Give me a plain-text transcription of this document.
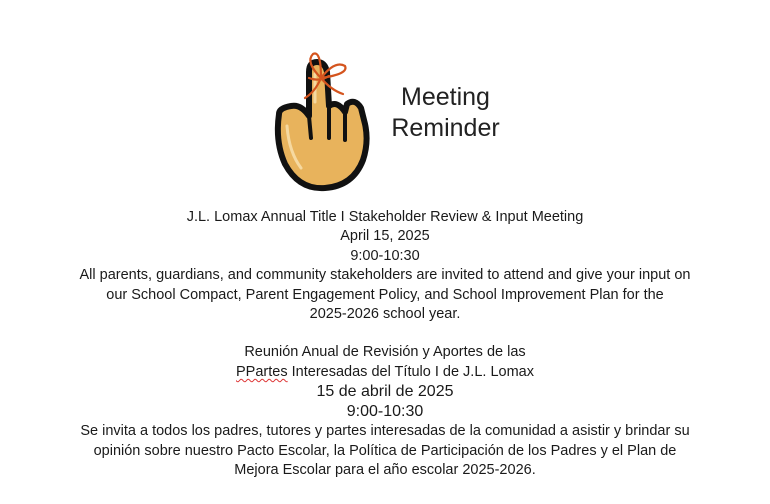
Meeting
Reminder
J.L. Lomax Annual Title I Stakeholder Review & Input Meeting
April 15, 2025
9:00-10:30
All parents, guardians, and community stakeholders are invited to attend and give your input on
our School Compact, Parent Engagement Policy, and School Improvement Plan for the
2025-2026 school year.
Reunión Anual de Revisión y Aportes de las
PPartes Interesadas del Título I de J.L. Lomax
15 de abril de 2025
9:00-10:30
Se invita a todos los padres, tutores y partes interesadas de la comunidad a asistir y brindar su
opinión sobre nuestro Pacto Escolar, la Política de Participación de los Padres y el Plan de
Mejora Escolar para el año escolar 2025-2026.
